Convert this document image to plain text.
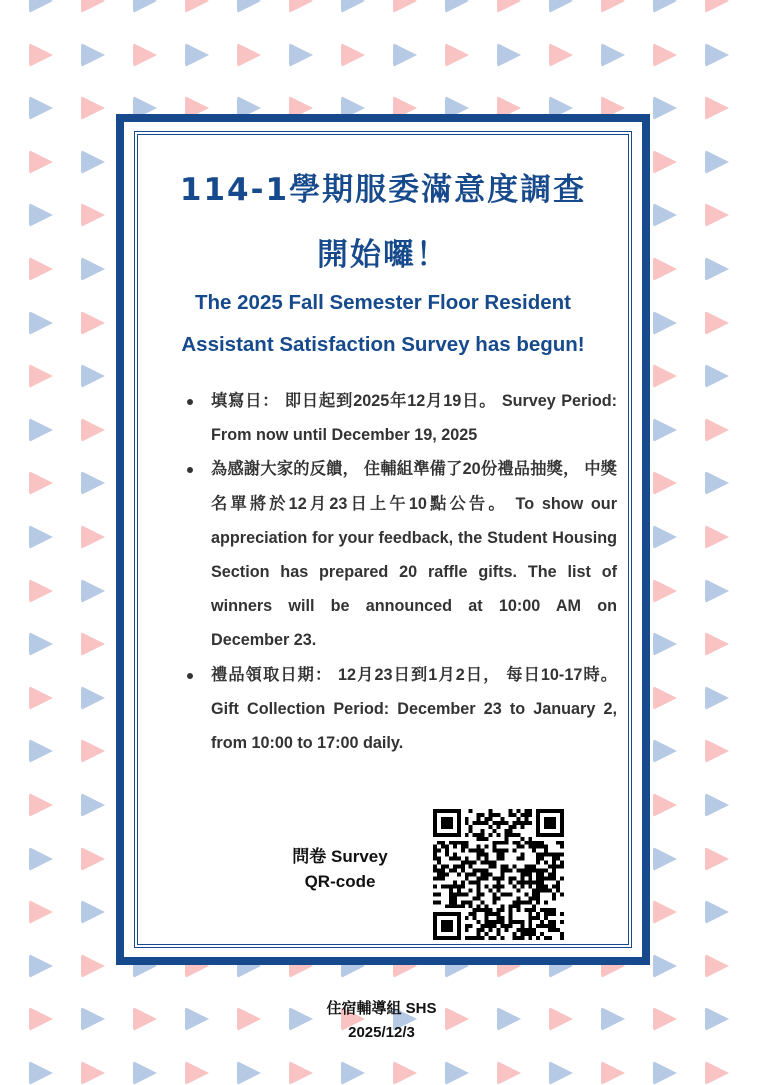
114-1學期服委滿意度調查
開始囉！
The 2025 Fall Semester Floor Resident
Assistant Satisfaction Survey has begun!
填寫日： 即日起到2025年12月19日。 Survey Period: From now until December 19, 2025
為感謝大家的反饋， 住輔組準備了20份禮品抽獎， 中獎名單將於12月23日上午10點公告。 To show our appreciation for your feedback, the Student Housing Section has prepared 20 raffle gifts. The list of winners will be announced at 10:00 AM on December 23.
禮品領取日期： 12月23日到1月2日， 每日10-17時。 Gift Collection Period: December 23 to January 2, from 10:00 to 17:00 daily.
問卷 Survey
QR-code
住宿輔導組 SHS
2025/12/3
